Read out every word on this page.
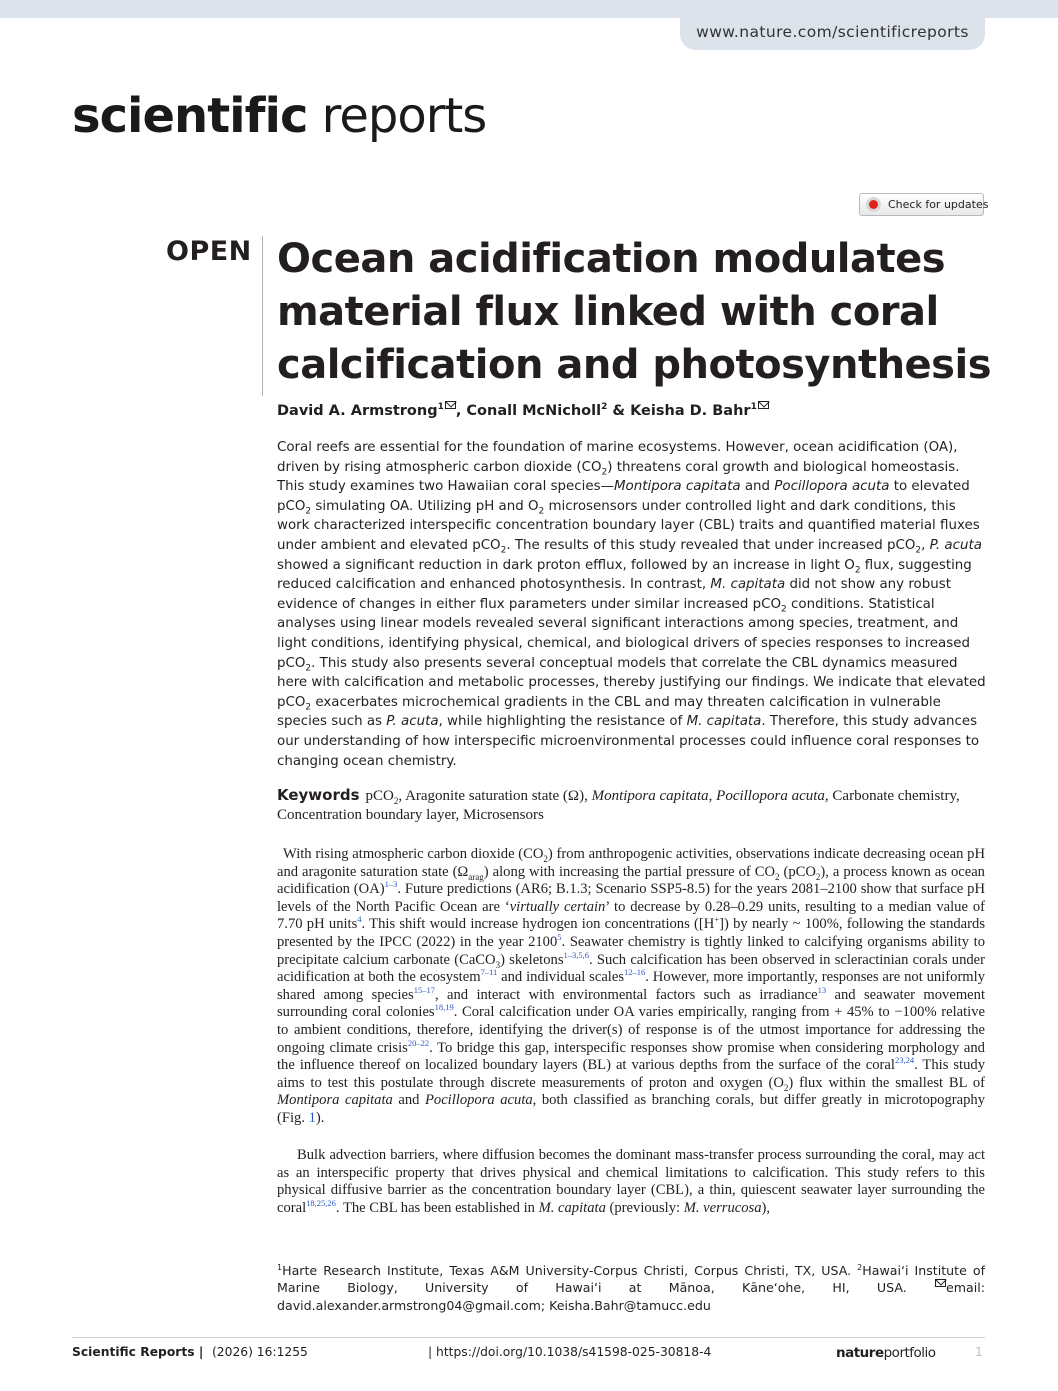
www.nature.com/scientificreports
scientific reports
Check for updates
OPEN Ocean acidification modulates material flux linked with coral calcification and photosynthesis
David A. Armstrong$^1$ , Conall McNicholl$^2$ & Keisha D. Bahr$^1$

Coral reefs are essential for the foundation of marine ecosystems. However, ocean acidification (OA), driven by rising atmospheric carbon dioxide $(CO_2)$ threatens coral growth and biological homeostasis. This study examines two Hawaiian coral species—Montipora capitata and Pocillopora acuta to elevated pCO$_2$ simulating OA. Utilizing pH and $O_2$ microsensors under controlled light and dark conditions, this work characterized interspecific concentration boundary layer (CBL) traits and quantified material fluxes under ambient and elevated pCO$_2$. The results of this study revealed that under increased pCO$_2$, P. acuta showed a significant reduction in dark proton efflux, followed by an increase in light $O_2$ flux, suggesting reduced calcification and enhanced photosynthesis. In contrast, M. capitata did not show any robust evidence of changes in either flux parameters under similar increased pCO$_2$ conditions. Statistical analyses using linear models revealed several significant interactions among species, treatment, and light conditions, identifying physical, chemical, and biological drivers of species responses to increased pCO$_2$. This study also presents several conceptual models that correlate the CBL dynamics measured here with calcification and metabolic processes, thereby justifying our findings. We indicate that elevated pCO$_2$ exacerbates microchemical gradients in the CBL and may threaten calcification in vulnerable species such as P. acuta, while highlighting the resistance of M. capitata. Therefore, this study advances our understanding of how interspecific microenvironmental processes could influence coral responses to changing ocean chemistry.

Keywords pCO$_2$, Aragonite saturation state (Ω), Montipora capitata, Pocillopora acuta, Carbonate chemistry, Concentration boundary layer, Microsensors

With rising atmospheric carbon dioxide $(CO_2)$ from anthropogenic activities, observations indicate decreasing ocean pH and aragonite saturation state $(\Omega_{arag})$ along with increasing the partial pressure of $CO_2$ (pCO$_2$), a process known as ocean acidification (OA)$^{1-3}$. Future predictions (AR6; B.1.3; Scenario SSP5-8.5) for the years 2081–2100 show that surface pH levels of the North Pacific Ocean are ‘virtually certain’ to decrease by 0.28–0.29 units, resulting to a median value of 7.70 pH units$^4$. This shift would increase hydrogen ion concentrations ([H+]) by nearly ~ 100%, following the standards presented by the IPCC (2022) in the year 2100$^5$. Seawater chemistry is tightly linked to calcifying organisms ability to precipitate calcium carbonate (CaCO$_3$) skeletons$^{1-3,5,6}$. Such calcification has been observed in scleractinian corals under acidification at both the ecosystem$^{7-11}$ and individual scales$^{12-16}$. However, more importantly, responses are not uniformly shared among species$^{15-17}$, and interact with environmental factors such as irradiance$^{13}$ and seawater movement surrounding coral colonies$^{18,19}$. Coral calcification under OA varies empirically, ranging from + 45% to −100% relative to ambient conditions, therefore, identifying the driver(s) of response is of the utmost importance for addressing the ongoing climate crisis$^{20-22}$. To bridge this gap, interspecific responses show promise when considering morphology and the influence thereof on localized boundary layers (BL) at various depths from the surface of the coral$^{23,24}$. This study aims to test this postulate through discrete measurements of proton and oxygen $(O_2)$ flux within the smallest BL of Montipora capitata and Pocillopora acuta, both classified as branching corals, but differ greatly in microtopography (Fig. 1).

Bulk advection barriers, where diffusion becomes the dominant mass-transfer process surrounding the coral, may act as an interspecific property that drives physical and chemical limitations to calcification. This study refers to this physical diffusive barrier as the concentration boundary layer (CBL), a thin, quiescent seawater layer surrounding the coral$^{18,25,26}$. The CBL has been established in M. capitata (previously: M. verrucosa),

$^1$Harte Research Institute, Texas A&M University-Corpus Christi, Corpus Christi, TX, USA. $^2$Hawaiʻi Institute of Marine Biology, University of Hawaiʻi at Mānoa, Kāneʻohe, HI, USA. email: david.alexander.armstrong04@gmail.com; Keisha.Bahr@tamucc.edu
Scientific Reports | (2026) 16:1255	| https://doi.org/10.1038/s41598-025-30818-4	natureportfolio	1
